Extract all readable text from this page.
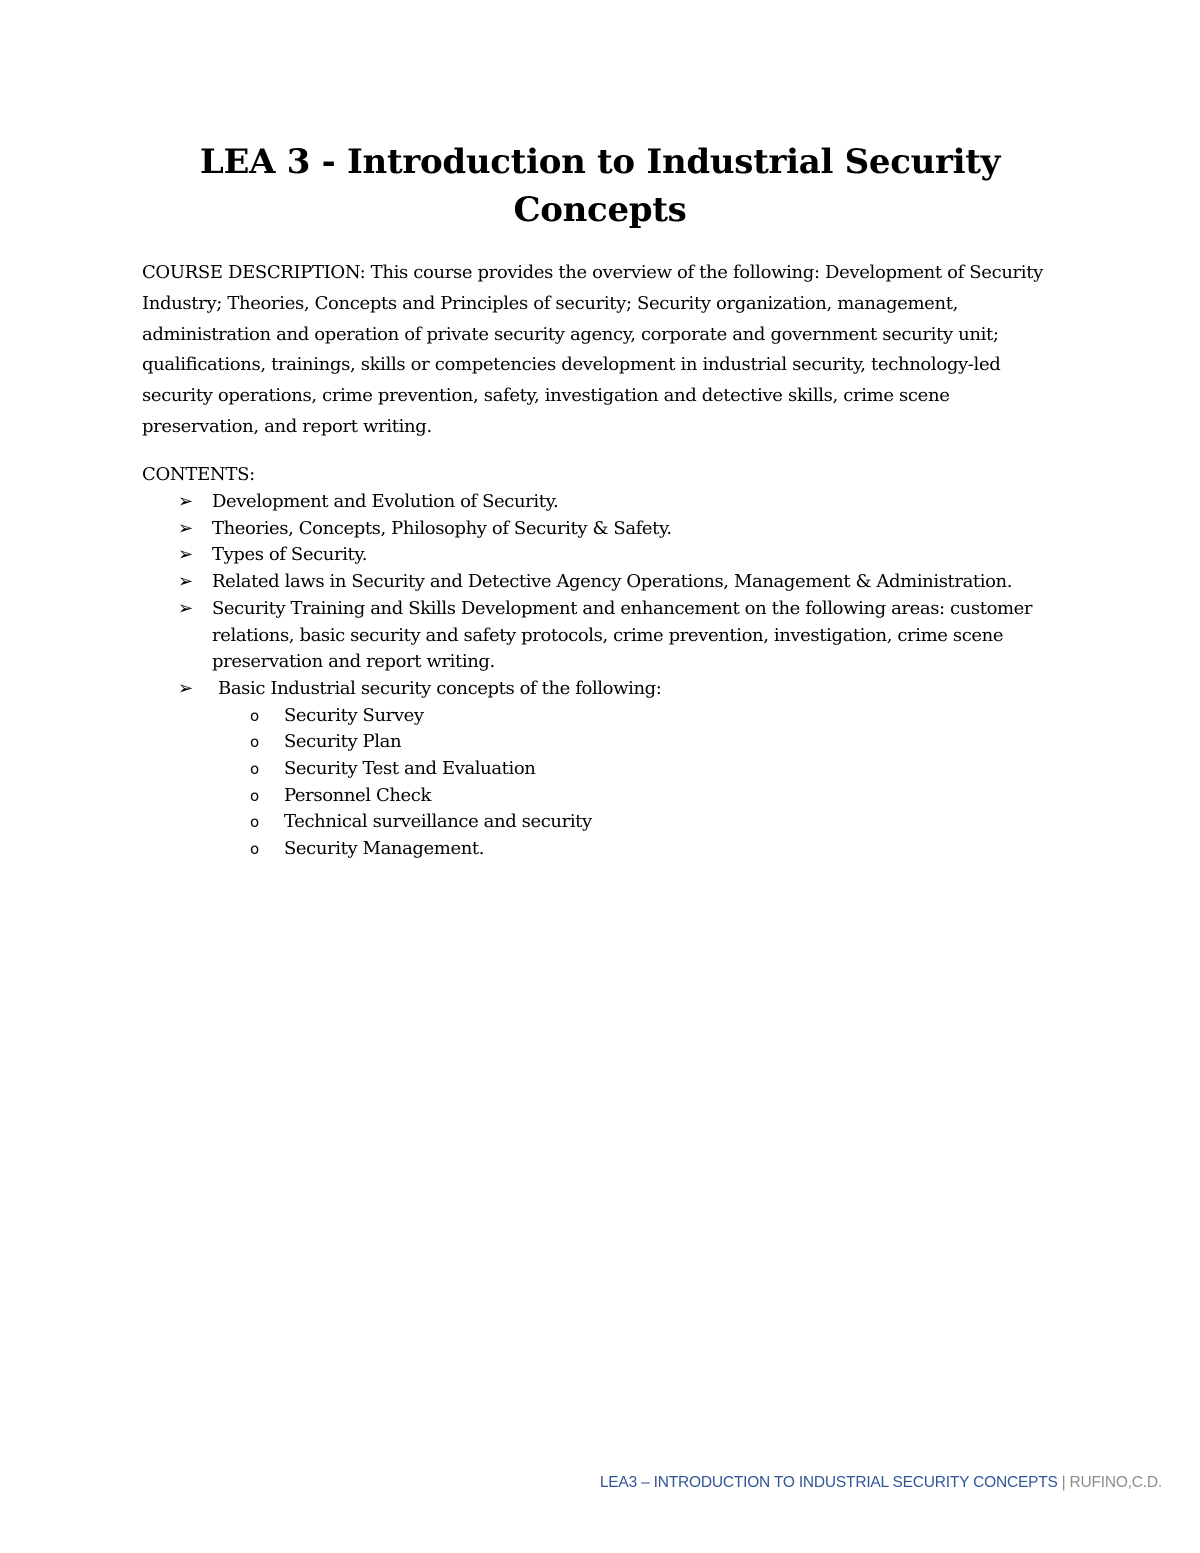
LEA 3 - Introduction to Industrial Security
Concepts

COURSE DESCRIPTION: This course provides the overview of the following: Development of Security Industry; Theories, Concepts and Principles of security; Security organization, management, administration and operation of private security agency, corporate and government security unit; qualifications, trainings, skills or competencies development in industrial security, technology-led security operations, crime prevention, safety, investigation and detective skills, crime scene preservation, and report writing.

CONTENTS:

➢ Development and Evolution of Security.
➢ Theories, Concepts, Philosophy of Security & Safety.
➢ Types of Security.
➢ Related laws in Security and Detective Agency Operations, Management & Administration.
➢ Security Training and Skills Development and enhancement on the following areas: customer relations, basic security and safety protocols, crime prevention, investigation, crime scene preservation and report writing.
➢ Basic Industrial security concepts of the following:
o Security Survey
o Security Plan
o Security Test and Evaluation
o Personnel Check
o Technical surveillance and security
o Security Management.
LEA3 – INTRODUCTION TO INDUSTRIAL SECURITY CONCEPTS | RUFINO,C.D.
